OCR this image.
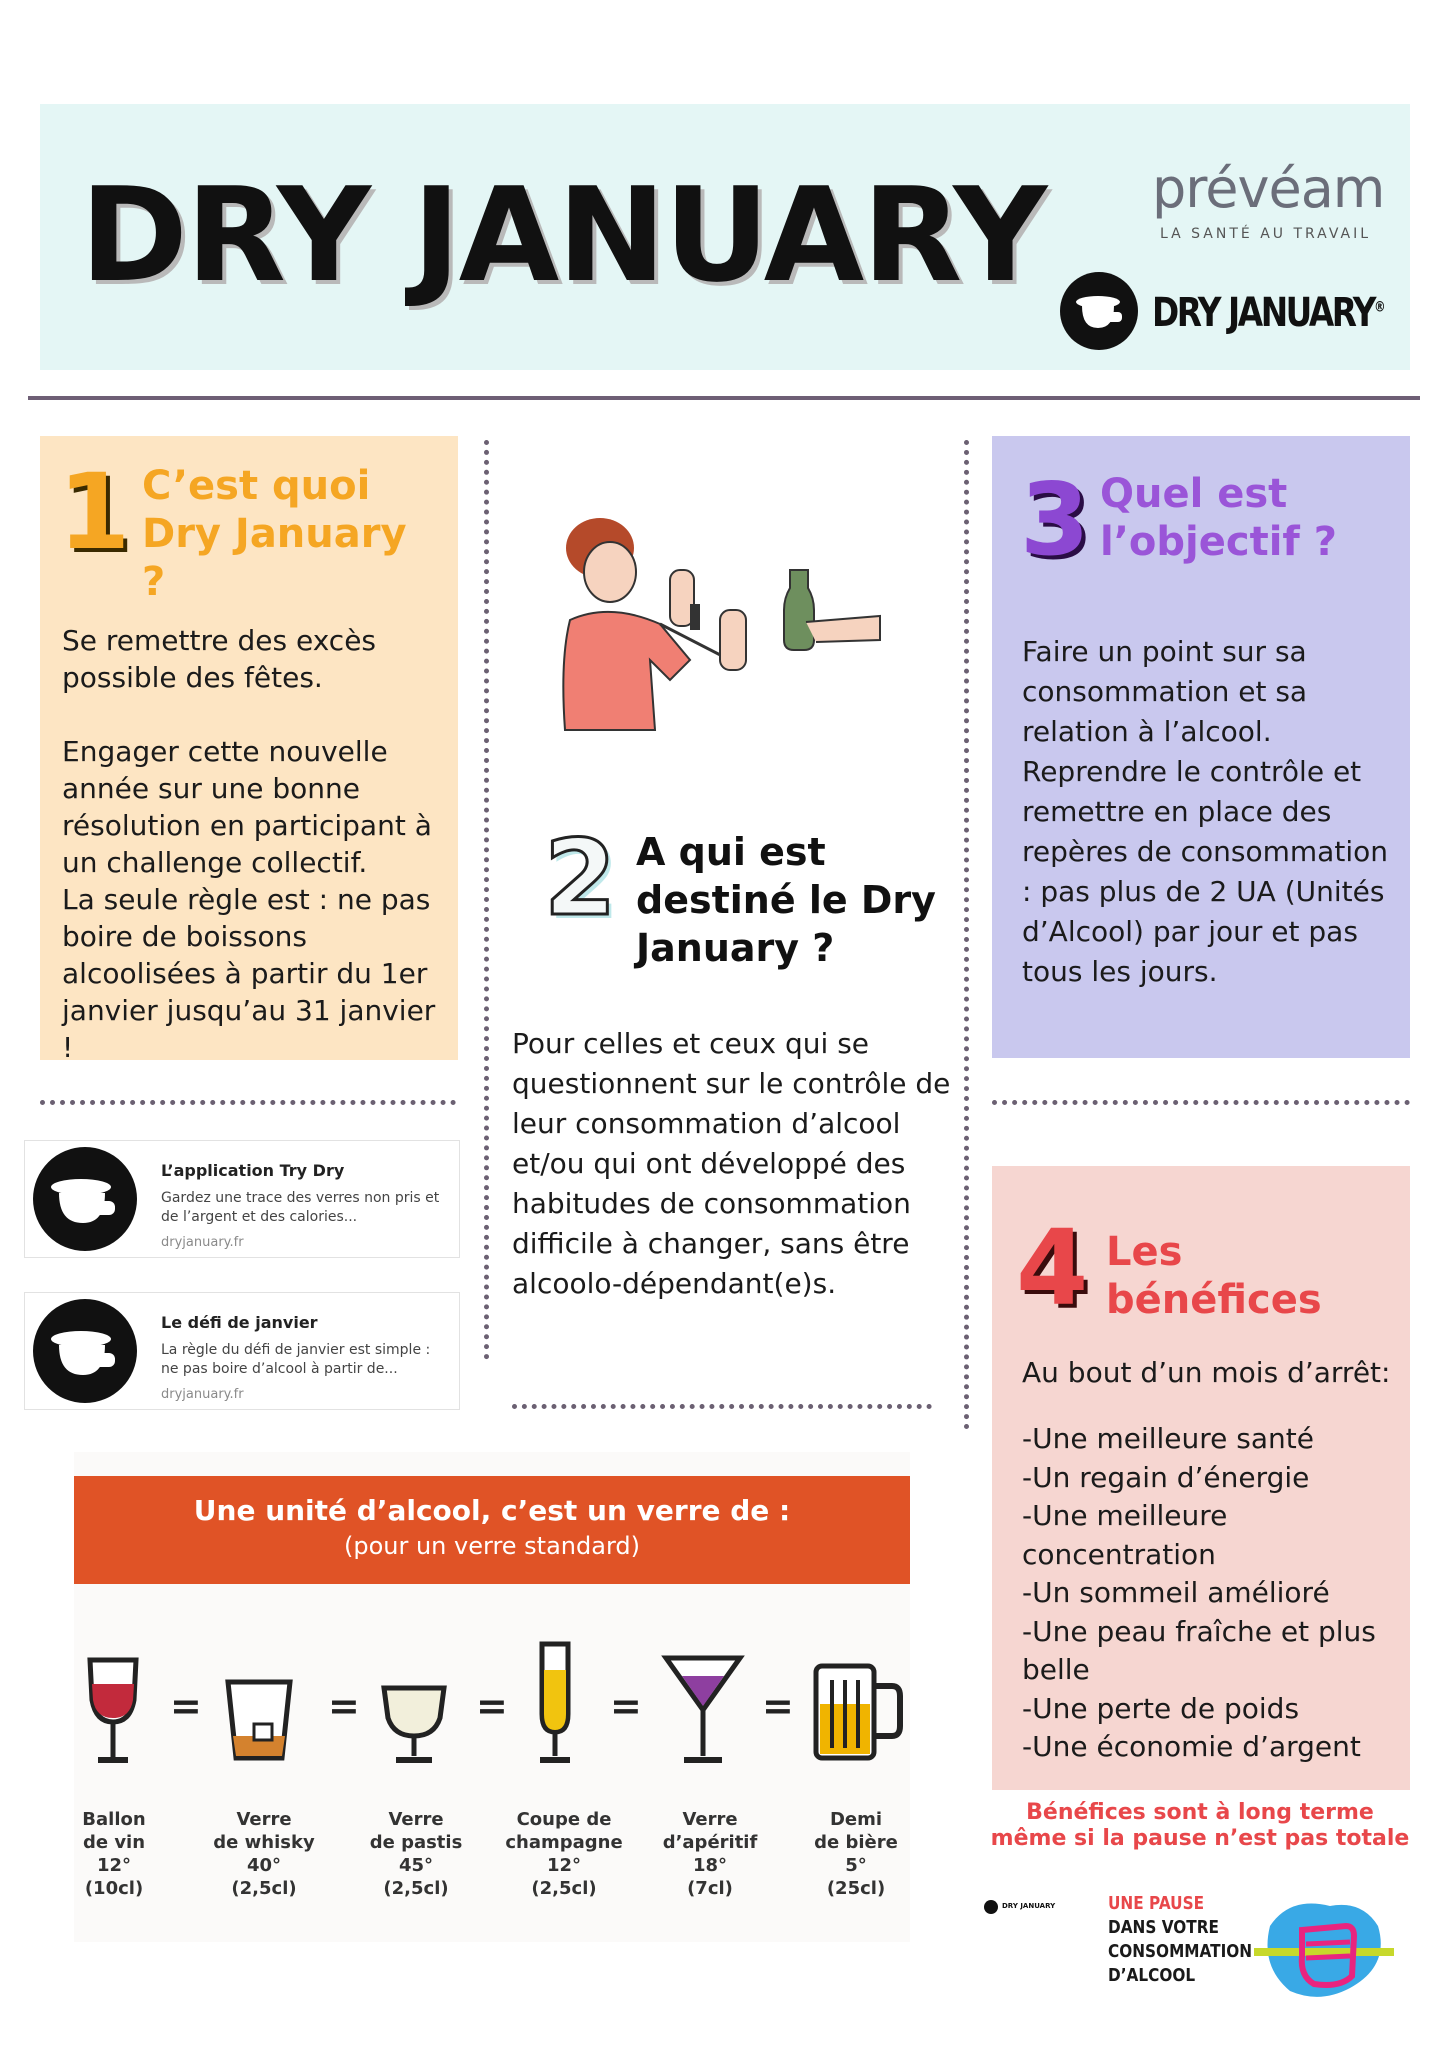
DRY JANUARY prévéam
LA SANTÉ AU TRAVAIL
DRY JANUARY®
1 C’est quoi
Dry January ?
Se remettre des excès possible des fêtes.
Engager cette nouvelle année sur une bonne résolution en participant à un challenge collectif.
La seule règle est : ne pas boire de boissons alcoolisées à partir du 1er janvier jusqu’au 31 janvier !
2 A qui est
destiné le Dry
January ?
Pour celles et ceux qui se questionnent sur le contrôle de leur consommation d’alcool et/ou qui ont développé des habitudes de consommation difficile à changer, sans être alcoolo-dépendant(e)s.
3 Quel est
l’objectif ?
Faire un point sur sa consommation et sa relation à l’alcool. Reprendre le contrôle et remettre en place des repères de consommation : pas plus de 2 UA (Unités d’Alcool) par jour et pas tous les jours.
4 Les
bénéfices
Au bout d’un mois d’arrêt:
-Une meilleure santé
-Un regain d’énergie
-Une meilleure concentration
-Un sommeil amélioré
-Une peau fraîche et plus belle
-Une perte de poids
-Une économie d’argent
Bénéfices sont à long terme
même si la pause n’est pas totale
L’application Try Dry
Gardez une trace des verres non pris et de l’argent et des calories...
dryjanuary.fr
Le défi de janvier
La règle du défi de janvier est simple : ne pas boire d’alcool à partir de...
dryjanuary.fr
Une unité d’alcool, c’est un verre de :
(pour un verre standard)
=	=	=	=	=
Ballon
de vin
12°
(10cl)
Verre
de whisky
40°
(2,5cl)
Verre
de pastis
45°
(2,5cl)
Coupe de
champagne
12°
(2,5cl)
Verre
d’apéritif
18°
(7cl)
Demi
de bière
5°
(25cl)
DRY JANUARY	UNE PAUSE
DANS VOTRE
CONSOMMATION
D’ALCOOL
